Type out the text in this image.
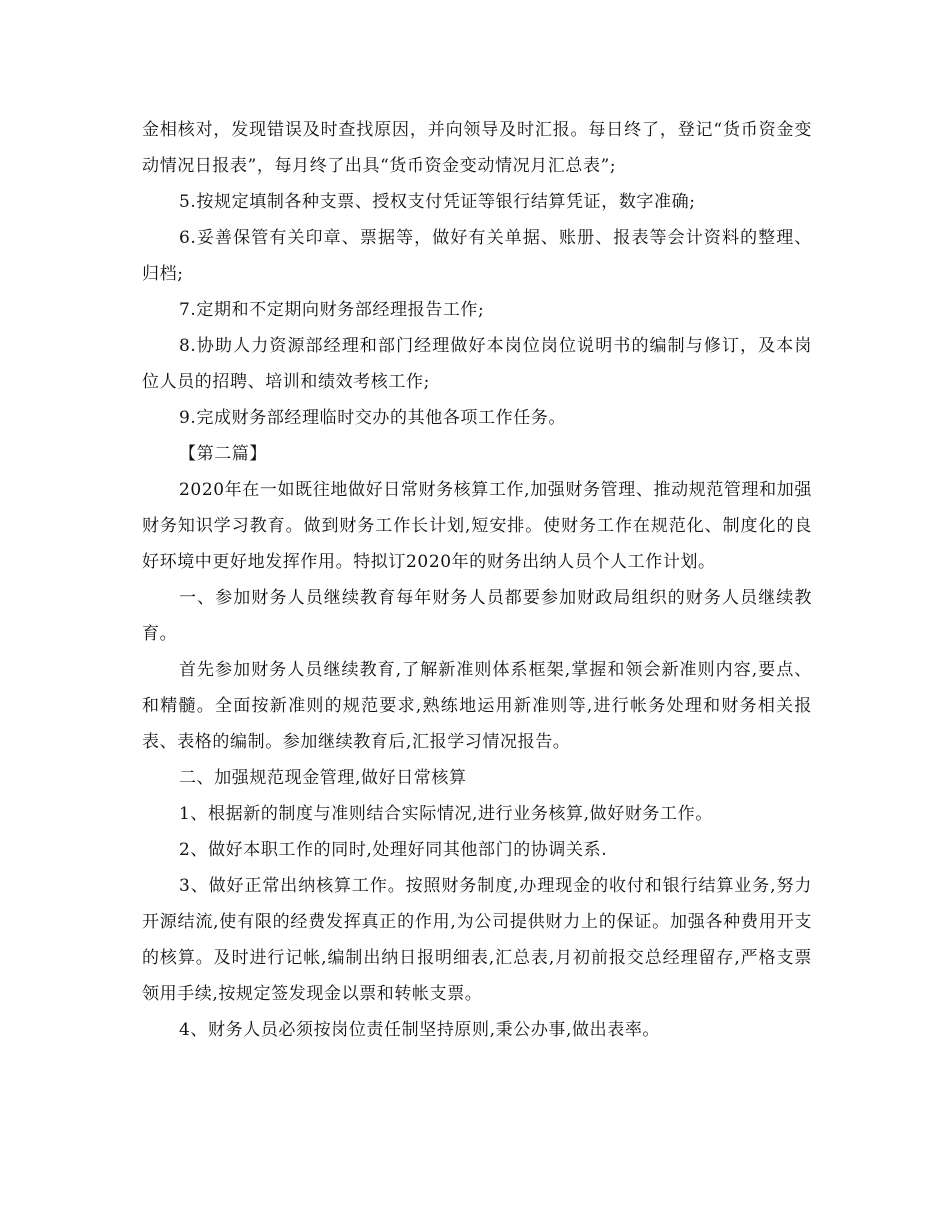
金相核对，发现错误及时查找原因，并向领导及时汇报。每日终了，登记“货币资金变动情况日报表”，每月终了出具“货币资金变动情况月汇总表”;

5.按规定填制各种支票、授权支付凭证等银行结算凭证，数字准确;

6.妥善保管有关印章、票据等，做好有关单据、账册、报表等会计资料的整理、归档;

7.定期和不定期向财务部经理报告工作;

8.协助人力资源部经理和部门经理做好本岗位岗位说明书的编制与修订，及本岗位人员的招聘、培训和绩效考核工作;

9.完成财务部经理临时交办的其他各项工作任务。

【第二篇】

2020年在一如既往地做好日常财务核算工作,加强财务管理、推动规范管理和加强财务知识学习教育。做到财务工作长计划,短安排。使财务工作在规范化、制度化的良好环境中更好地发挥作用。特拟订2020年的财务出纳人员个人工作计划。

一、参加财务人员继续教育每年财务人员都要参加财政局组织的财务人员继续教育。

首先参加财务人员继续教育,了解新准则体系框架,掌握和领会新准则内容,要点、和精髓。全面按新准则的规范要求,熟练地运用新准则等,进行帐务处理和财务相关报表、表格的编制。参加继续教育后,汇报学习情况报告。

二、加强规范现金管理,做好日常核算

1、根据新的制度与准则结合实际情况,进行业务核算,做好财务工作。

2、做好本职工作的同时,处理好同其他部门的协调关系.

3、做好正常出纳核算工作。按照财务制度,办理现金的收付和银行结算业务,努力开源结流,使有限的经费发挥真正的作用,为公司提供财力上的保证。加强各种费用开支的核算。及时进行记帐,编制出纳日报明细表,汇总表,月初前报交总经理留存,严格支票领用手续,按规定签发现金以票和转帐支票。

4、财务人员必须按岗位责任制坚持原则,秉公办事,做出表率。
